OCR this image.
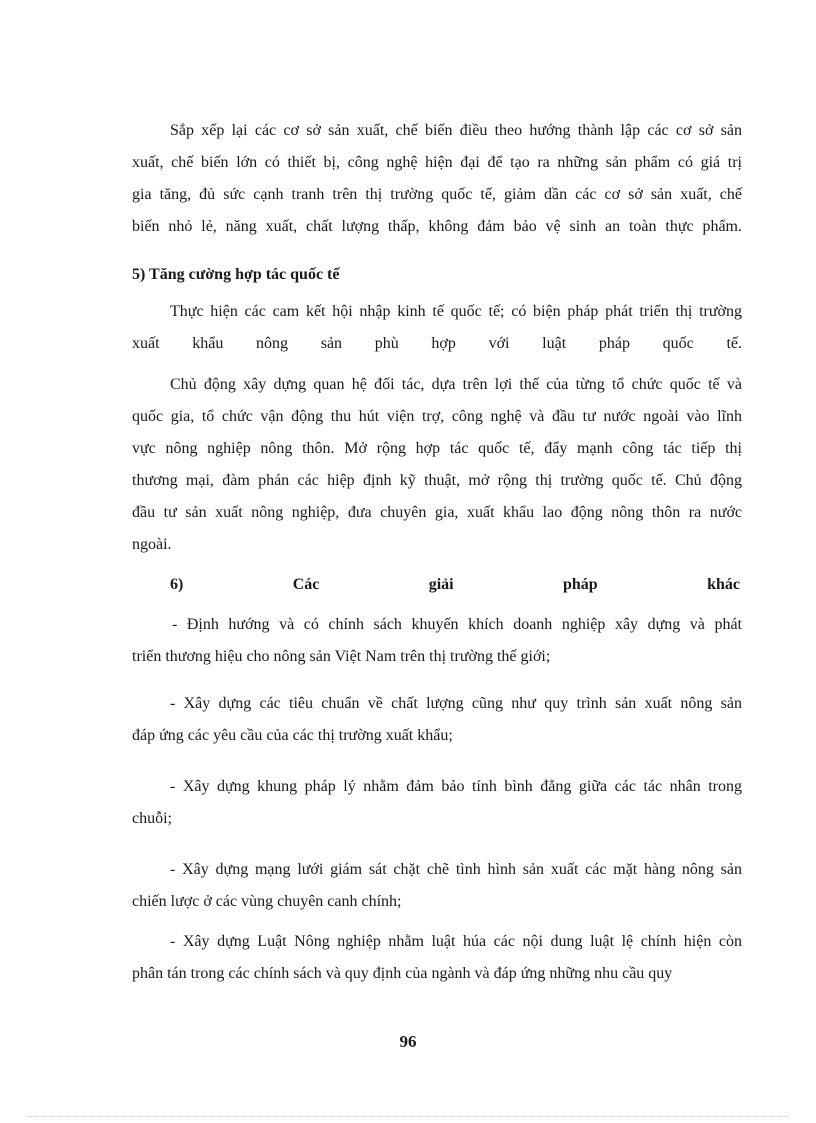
Sắp xếp lại các cơ sở sản xuất, chế biến điều theo hướng thành lập các cơ sở sản
xuất, chế biến lớn có thiết bị, công nghệ hiện đại để tạo ra những sản phẩm có giá trị
gia tăng, đủ sức cạnh tranh trên thị trường quốc tế, giảm dần các cơ sở sản xuất, chế
biến nhỏ lẻ, năng xuất, chất lượng thấp, không đảm bảo vệ sinh an toàn thực phẩm.
5) Tăng cường hợp tác quốc tế
Thực hiện các cam kết hội nhập kinh tế quốc tế; có biện pháp phát triển thị trường
xuất khẩu nông sản phù hợp với luật pháp quốc tế.
Chủ động xây dựng quan hệ đối tác, dựa trên lợi thế của từng tổ chức quốc tế và
quốc gia, tổ chức vận động thu hút viện trợ, công nghệ và đầu tư nước ngoài vào lĩnh
vực nông nghiệp nông thôn. Mở rộng hợp tác quốc tế, đẩy mạnh công tác tiếp thị
thương mại, đàm phán các hiệp định kỹ thuật, mở rộng thị trường quốc tế. Chủ động
đầu tư sản xuất nông nghiệp, đưa chuyên gia, xuất khẩu lao động nông thôn ra nước
ngoài.
6)	Các	giải	pháp	khác
- Định hướng và có chính sách khuyến khích doanh nghiệp xây dựng và phát
triển thương hiệu cho nông sản Việt Nam trên thị trường thế giới;
- Xây dựng các tiêu chuẩn về chất lượng cũng như quy trình sản xuất nông sản
đáp ứng các yêu cầu của các thị trường xuất khẩu;
- Xây dựng khung pháp lý nhằm đảm bảo tính bình đẳng giữa các tác nhân trong
chuỗi;
- Xây dựng mạng lưới giám sát chặt chẽ tình hình sản xuất các mặt hàng nông sản
chiến lược ở các vùng chuyên canh chính;
- Xây dựng Luật Nông nghiệp nhằm luật húa các nội dung luật lệ chính hiện còn
phân tán trong các chính sách và quy định của ngành và đáp ứng những nhu cầu quy
96
